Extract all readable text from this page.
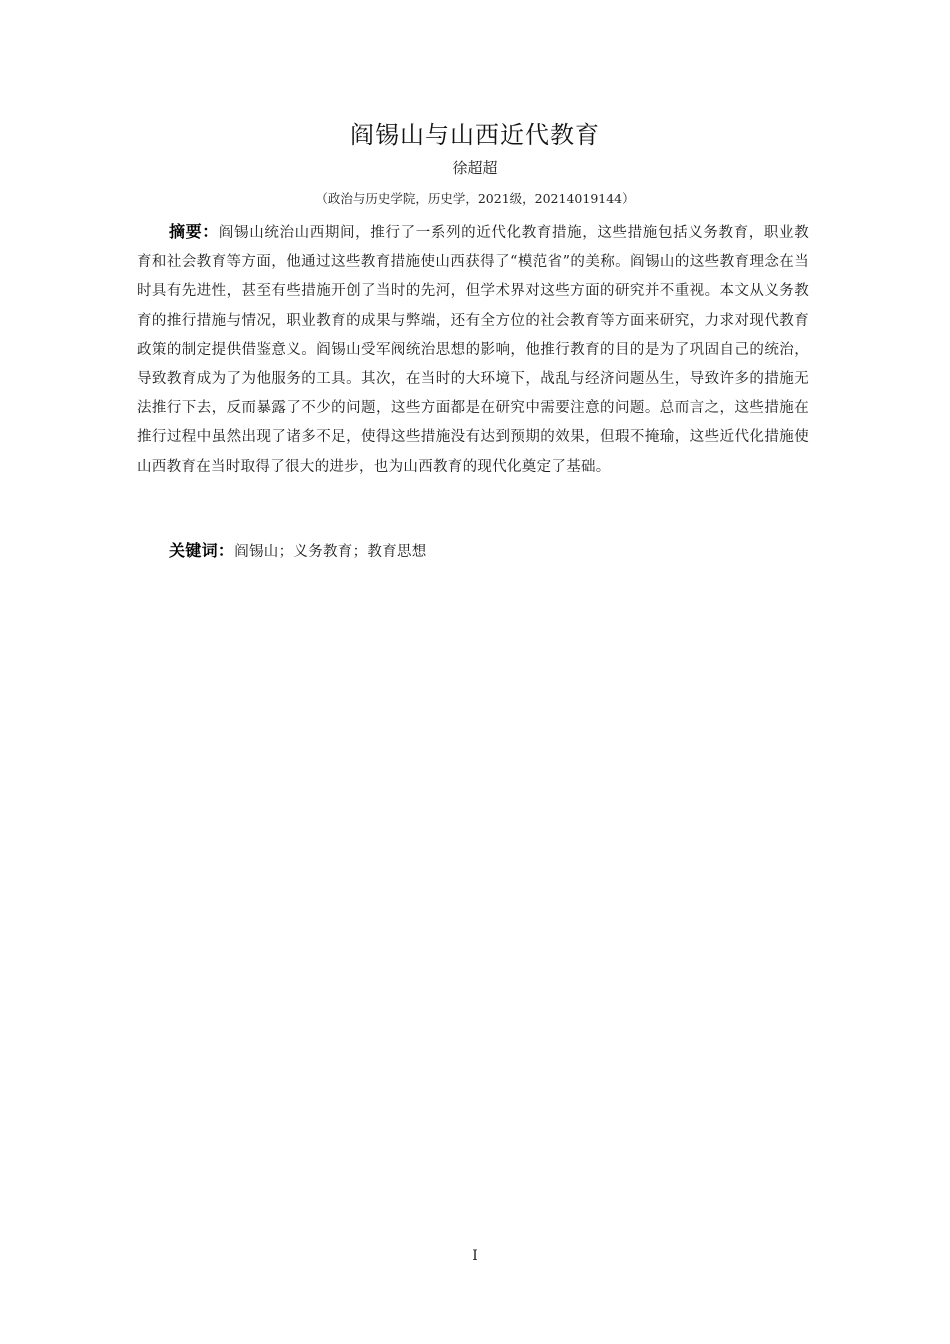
阎锡山与山西近代教育
徐超超
（政治与历史学院，历史学，2021级，20214019144）

摘要：阎锡山统治山西期间，推行了一系列的近代化教育措施，这些措施包括义务教育，职业教育和社会教育等方面，他通过这些教育措施使山西获得了“模范省”的美称。阎锡山的这些教育理念在当时具有先进性，甚至有些措施开创了当时的先河，但学术界对这些方面的研究并不重视。本文从义务教育的推行措施与情况，职业教育的成果与弊端，还有全方位的社会教育等方面来研究，力求对现代教育政策的制定提供借鉴意义。阎锡山受军阀统治思想的影响，他推行教育的目的是为了巩固自己的统治，导致教育成为了为他服务的工具。其次，在当时的大环境下，战乱与经济问题丛生，导致许多的措施无法推行下去，反而暴露了不少的问题，这些方面都是在研究中需要注意的问题。总而言之，这些措施在推行过程中虽然出现了诸多不足，使得这些措施没有达到预期的效果，但瑕不掩瑜，这些近代化措施使山西教育在当时取得了很大的进步，也为山西教育的现代化奠定了基础。

关键词：阎锡山；义务教育；教育思想

I
